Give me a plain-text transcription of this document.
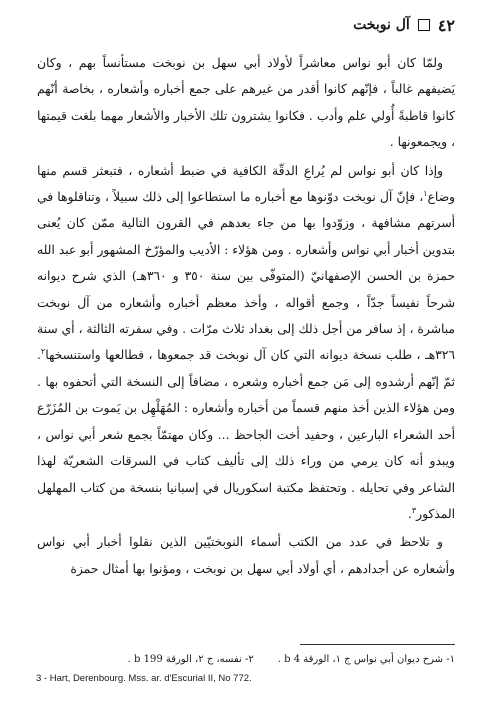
٤٢
آل نوبخت

ولمّا كان أبو نواس معاشراً لأولاد أبي سهل بن نوبخت مستأنساً بهم ، وكان يَضيفهم غالباً ، فإنّهم كانوا أقدر من غيرهم على جمع أخباره وأشعاره ، بخاصة أنّهم كانوا قاطبةً أُولي علم وأدب . فكانوا يشترون تلك الأخبار والأشعار مهما بلغت قيمتها ، ويجمعونها .

وإذا كان أبو نواس لم يُراعِ الدقّة الكافية في ضبط أشعاره ، فتبعثر قسم منها وضاع$^١$، فإنّ آل نوبخت دوّنوها مع أخباره ما استطاعوا إلى ذلك سبيلاً ، وتناقلوها في أسرتهم مشافهة ، وزوّدوا بها من جاء بعدهم في القرون التالية ممّن كان يُعنى بتدوين أخبار أبي نواس وأشعاره . ومن هؤلاء : الأديب والمؤرّخ المشهور أبو عبد الله حمزة بن الحسن الإصفهانيّ (المتوفّى بين سنة ٣٥٠ و ٣٦٠هـ) الذي شرح ديوانه شرحاً نفيساً جدّاً ، وجمع أقواله ، وأخذ معظم أخباره وأشعاره من آل نوبخت مباشرة ، إذ سافر من أجل ذلك إلى بغداد ثلاث مرّات . وفي سفرته الثالثة ، أي سنة ٣٢٦هـ ، طلب نسخة ديوانه التي كان آل نوبخت قد جمعوها ، فطالعها واستنسخها$^٢$. ثمّ إنّهم أرشدوه إلى مَن جمع أخباره وشعره ، مضافاً إلى النسخة التي أتحفوه بها . ومن هؤلاء الذين أخذ منهم قسماً من أخباره وأشعاره : المُهَلْهِل بن يَموت بن المُزَرّع أحد الشعراء البارعين ، وحفيد أخت الجاحظ ... وكان مهتمّاً بجمع شعر أبي نواس ، ويبدو أنه كان يرمي من وراء ذلك إلى تأليف كتاب في السرقات الشعريّة لهذا الشاعر وفي تحايله . وتحتفظ مكتبة اسكوريال في إسبانيا بنسخة من كتاب المهلهل المذكور$^٣$.

و تلاحظ في عدد من الكتب أسماء النوبختيّين الذين نقلوا أخبار أبي نواس وأشعاره عن أجدادهم ، أي أولاد أبي سهل بن نوبخت ، ومؤنوا بها أمثال حمزة

١- شرح ديوان أبي نواس ج ١، الورقة 4 b .٢- نفسه، ج ٢، الورقة 199 b .
3 - Hart, Derenbourg. Mss. ar. d'Escurial II, No 772.
